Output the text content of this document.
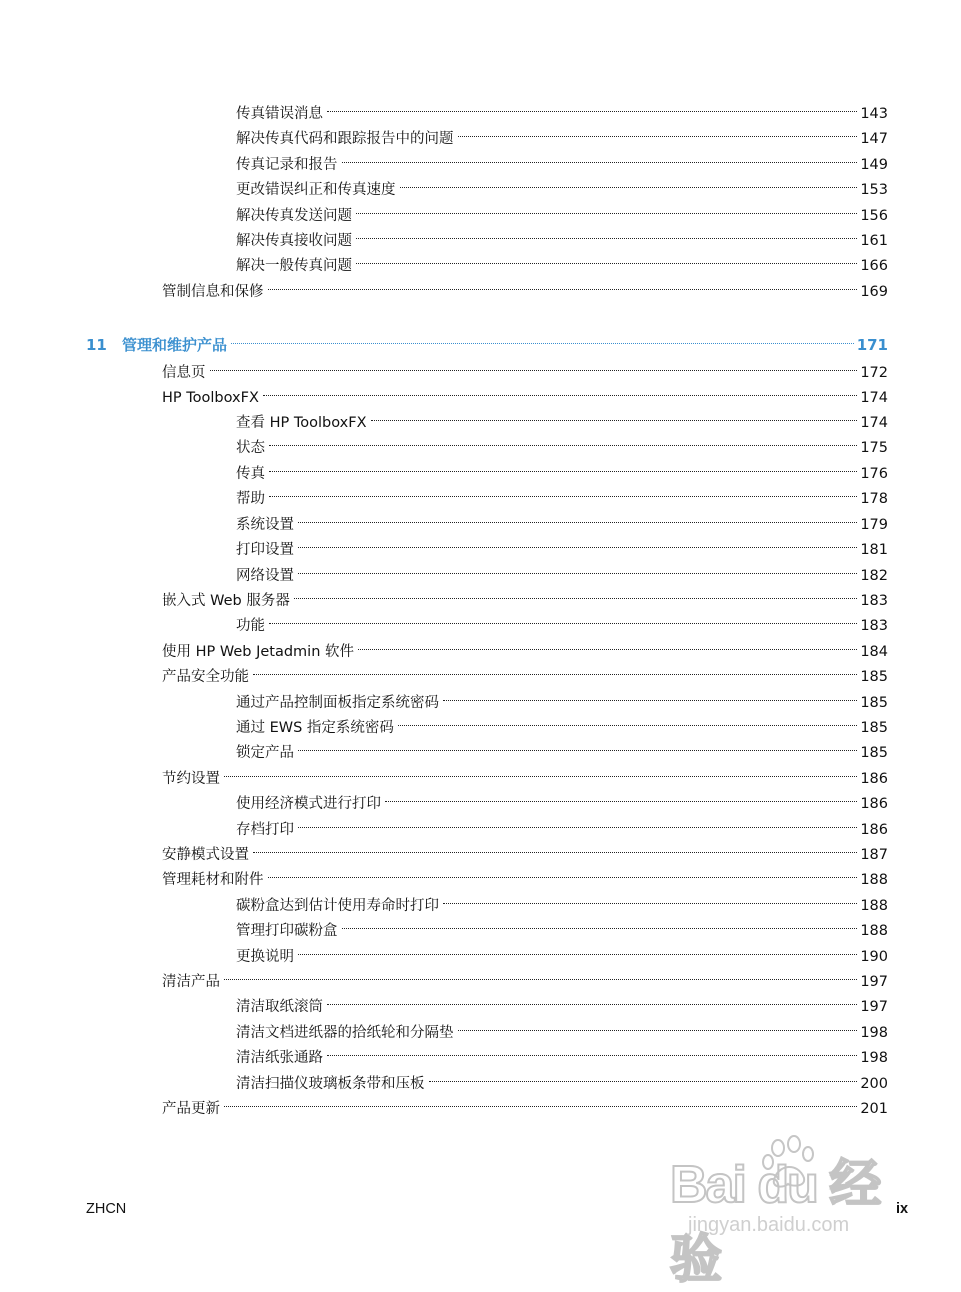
传真错误消息	143
解决传真代码和跟踪报告中的问题	147
传真记录和报告	149
更改错误纠正和传真速度	153
解决传真发送问题	156
解决传真接收问题	161
解决一般传真问题	166
管制信息和保修	169
11	管理和维护产品	171
信息页	172
HP ToolboxFX	174
查看 HP ToolboxFX	174
状态	175
传真	176
帮助	178
系统设置	179
打印设置	181
网络设置	182
嵌入式 Web 服务器	183
功能	183
使用 HP Web Jetadmin 软件	184
产品安全功能	185
通过产品控制面板指定系统密码	185
通过 EWS 指定系统密码	185
锁定产品	185
节约设置	186
使用经济模式进行打印	186
存档打印	186
安静模式设置	187
管理耗材和附件	188
碳粉盒达到估计使用寿命时打印	188
管理打印碳粉盒	188
更换说明	190
清洁产品	197
清洁取纸滚筒	197
清洁文档进纸器的拾纸轮和分隔垫	198
清洁纸张通路	198
清洁扫描仪玻璃板条带和压板	200
产品更新	201
ZHCN	ix
Bai du 经验
jingyan.baidu.com
